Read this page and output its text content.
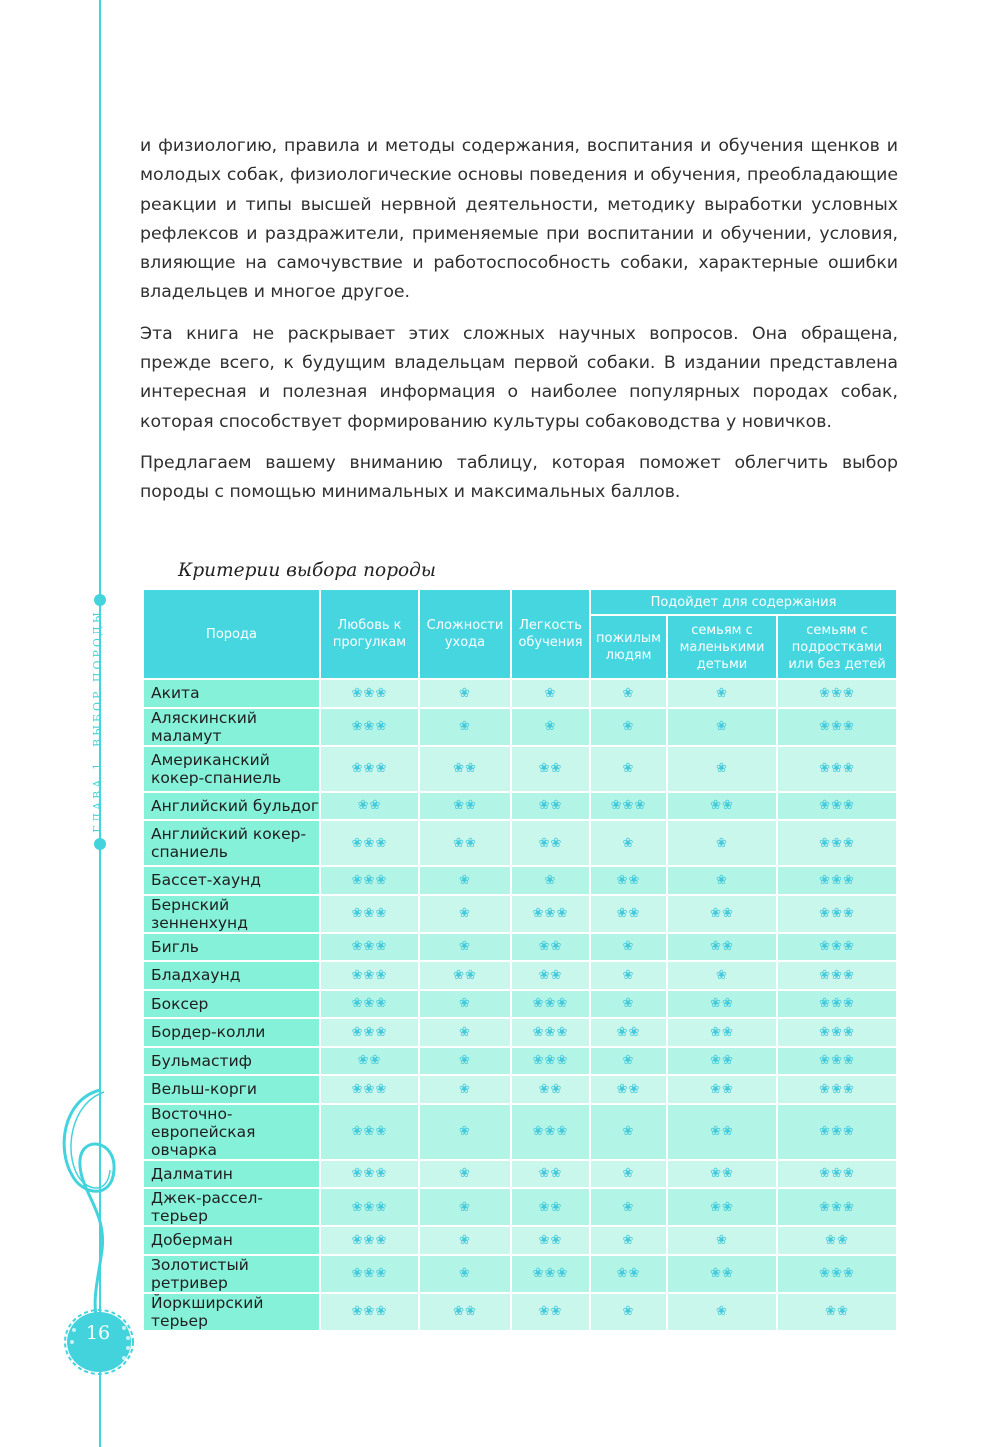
ГЛАВА 1. ВЫБОР ПОРОДЫ
16

и физиологию, правила и методы содержания, воспитания и обучения щенков и молодых собак, физиологические основы поведения и обучения, преобладающие реакции и типы высшей нервной деятельности, методику выработки условных рефлексов и раздражители, применяемые при воспитании и обучении, условия, влияющие на самочувствие и работоспособность собаки, характерные ошибки владельцев и многое другое.

Эта книга не раскрывает этих сложных научных вопросов. Она обращена, прежде всего, к будущим владельцам первой собаки. В издании представлена интересная и полезная информация о наиболее популярных породах собак, которая способствует формированию культуры собаководства у новичков.

Предлагаем вашему вниманию таблицу, которая поможет облегчить выбор породы с помощью минимальных и максимальных баллов.

Критерии выбора породы
Порода	Любовь к прогулкам	Сложности ухода	Легкость обучения	Подойдет для содержания		
				пожилым людям	семьям с маленькими детьми	семьям с подростками или без детей
Акита	❀❀❀	❀	❀	❀	❀	❀❀❀
Аляскинский маламут	❀❀❀	❀	❀	❀	❀	❀❀❀
Американский кокер-спаниель	❀❀❀	❀❀	❀❀	❀	❀	❀❀❀
Английский бульдог	❀❀	❀❀	❀❀	❀❀❀	❀❀	❀❀❀
Английский кокер-спаниель	❀❀❀	❀❀	❀❀	❀	❀	❀❀❀
Бассет-хаунд	❀❀❀	❀	❀	❀❀	❀	❀❀❀
Бернский зенненхунд	❀❀❀	❀	❀❀❀	❀❀	❀❀	❀❀❀
Бигль	❀❀❀	❀	❀❀	❀	❀❀	❀❀❀
Бладхаунд	❀❀❀	❀❀	❀❀	❀	❀	❀❀❀
Боксер	❀❀❀	❀	❀❀❀	❀	❀❀	❀❀❀
Бордер-колли	❀❀❀	❀	❀❀❀	❀❀	❀❀	❀❀❀
Бульмастиф	❀❀	❀	❀❀❀	❀	❀❀	❀❀❀
Вельш-корги	❀❀❀	❀	❀❀	❀❀	❀❀	❀❀❀
Восточно-европейская овчарка	❀❀❀	❀	❀❀❀	❀	❀❀	❀❀❀
Далматин	❀❀❀	❀	❀❀	❀	❀❀	❀❀❀
Джек-рассел-терьер	❀❀❀	❀	❀❀	❀	❀❀	❀❀❀
Доберман	❀❀❀	❀	❀❀	❀	❀	❀❀
Золотистый ретривер	❀❀❀	❀	❀❀❀	❀❀	❀❀	❀❀❀
Йоркширский терьер	❀❀❀	❀❀	❀❀	❀	❀	❀❀
